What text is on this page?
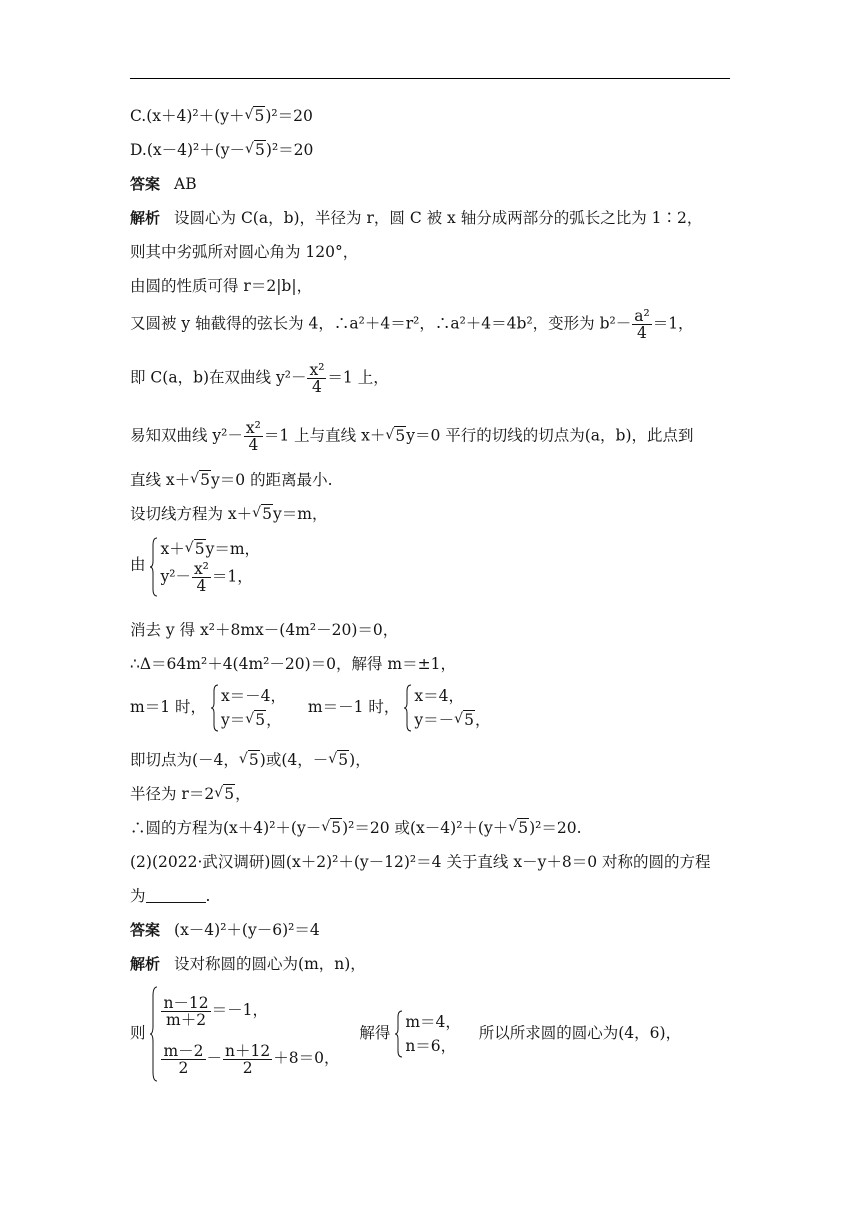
C.(x＋4)²＋(y＋ √ 5)²＝20
D.(x－4)²＋(y－ √ 5)²＝20
答案 AB
解析 设圆心为 C(a，b)，半径为 r，圆 C 被 x 轴分成两部分的弧长之比为 1∶2，
则其中劣弧所对圆心角为 120°，
由圆的性质可得 r＝2|b|，
又圆被 y 轴截得的弦长为 4，∴a²＋4＝r²，∴a²＋4＝4b²，变形为 $b^2- \frac{\text{a²}}{4} =1$，
即 C(a，b)在双曲线 $y^2- \frac{\text{x²}}{4} =1$ 上，
易知双曲线 $y^2- \frac{\text{x²}}{4} =1$ 上与直线 x＋ √ 5y＝0 平行的切线的切点为(a，b)，此点到
直线 x＋ √ 5y＝0 的距离最小.
设切线方程为 x＋ √ 5y＝m，
由
x＋ √ 5y＝m，
$y^2- \frac{\text{x²}}{4} =1$，
消去 y 得 x²＋8mx－(4m²－20)＝0，
∴Δ＝64m²＋4(4m²－20)＝0，解得 m＝±1，
m＝1 时，
x＝－4，
y＝ √ 5，
m＝－1 时，
x＝4，
y＝－ √ 5，
即切点为(－4， √ 5)或(4，－ √ 5)，
半径为 r＝2 √ 5，
∴圆的方程为(x＋4)²＋(y－ √ 5)²＝20 或(x－4)²＋(y＋ √ 5)²＝20.
(2)(2022·武汉调研)圆(x＋2)²＋(y－12)²＝4 关于直线 x－y＋8＝0 对称的圆的方程
为	.
答案 (x－4)²＋(y－6)²＝4
解析 设对称圆的圆心为(m，n)，
则
$\frac{n-12}{m+2} =-1$，
$\frac{m-2}{2} - \frac{n+12}{2} +8=0$，
解得
m＝4，
n＝6，
所以所求圆的圆心为(4，6)，
